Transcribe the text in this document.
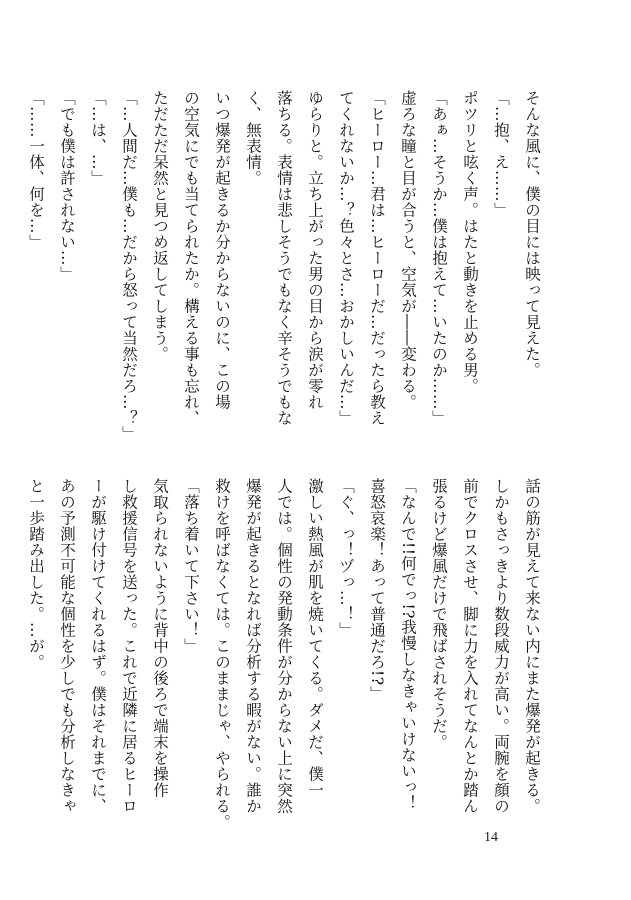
そんな風に、僕の目には映って見えた。
「…抱、え……」
ポツリと呟く声。はたと動きを止める男。
「あぁ…そうか…僕は抱えて…いたのか……」
虚ろな瞳と目が合うと、空気が――変わる。
「ヒーロー…君は…ヒーローだ…だったら教え
てくれないか…？色々とさ…おかしいんだ…」
ゆらりと。立ち上がった男の目から涙が零れ
落ちる。表情は悲しそうでもなく辛そうでもな
く、無表情。
いつ爆発が起きるか分からないのに、この場
の空気にでも当てられたか。構える事も忘れ、
ただただ呆然と見つめ返してしまう。
「…人間だ…僕も…だから怒って当然だろ…？」
「…は、…」
「でも僕は許されない…」
「……一体、何を…」
話の筋が見えて来ない内にまた爆発が起きる。
しかもさっきより数段威力が高い。両腕を顔の
前でクロスさせ、脚に力を入れてなんとか踏ん
張るけど爆風だけで飛ばされそうだ。
「なんで!!何でっ!?我慢しなきゃいけないっ！
喜怒哀楽！あって普通だろ!?」
「ぐ、っ！ヅっ…！」
激しい熱風が肌を焼いてくる。ダメだ、僕一
人では。個性の発動条件が分からない上に突然
爆発が起きるとなれば分析する暇がない。誰か
救けを呼ばなくては。このままじゃ、やられる。
「落ち着いて下さい！」
気取られないように背中の後ろで端末を操作
し救援信号を送った。これで近隣に居るヒーロ
ーが駆け付けてくれるはず。僕はそれまでに、
あの予測不可能な個性を少しでも分析しなきゃ
と一歩踏み出した。…が。
14
